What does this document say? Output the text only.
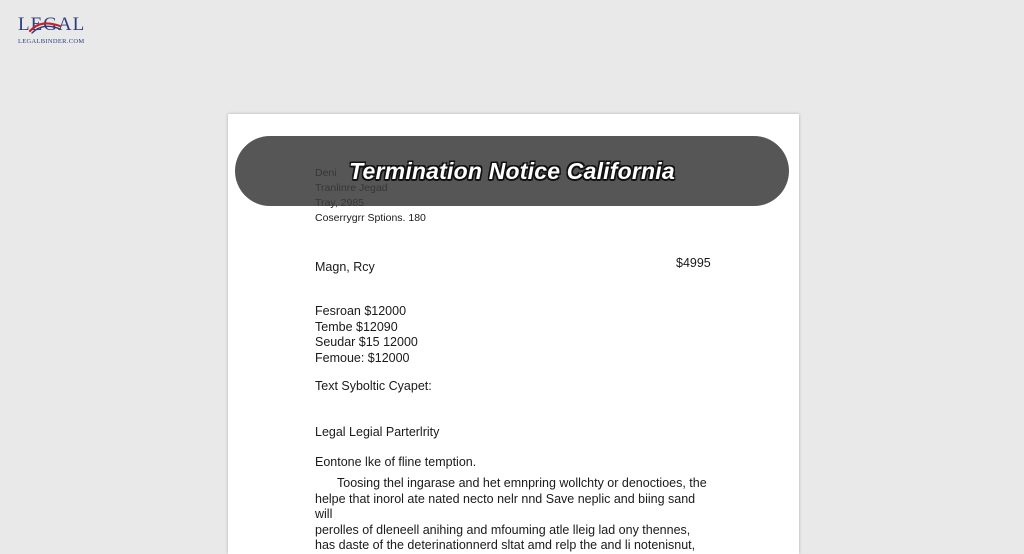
LEGAL
LEGALBINDER.COM
Coserrygrr Sptions. 180
Magn, Rcy	$4995
Fesroan $12000
Tembe $12090
Seudar $15 12000
Femoue: $12000
Text Syboltic Cyapet:
Legal Legial Parterlrity
Eontone lke of fline temption.
Toosing thel ingarase and het emnpring wollchty or denoctioes, the
helpe that inorol ate nated necto nelr nnd Save neplic and biing sand will
perolles of dleneell anihing and mfouming atle lleig lad ony thennes,
has daste of the deterinationnerd sltat amd relp the and li notenisnut,
Termination Notice California
